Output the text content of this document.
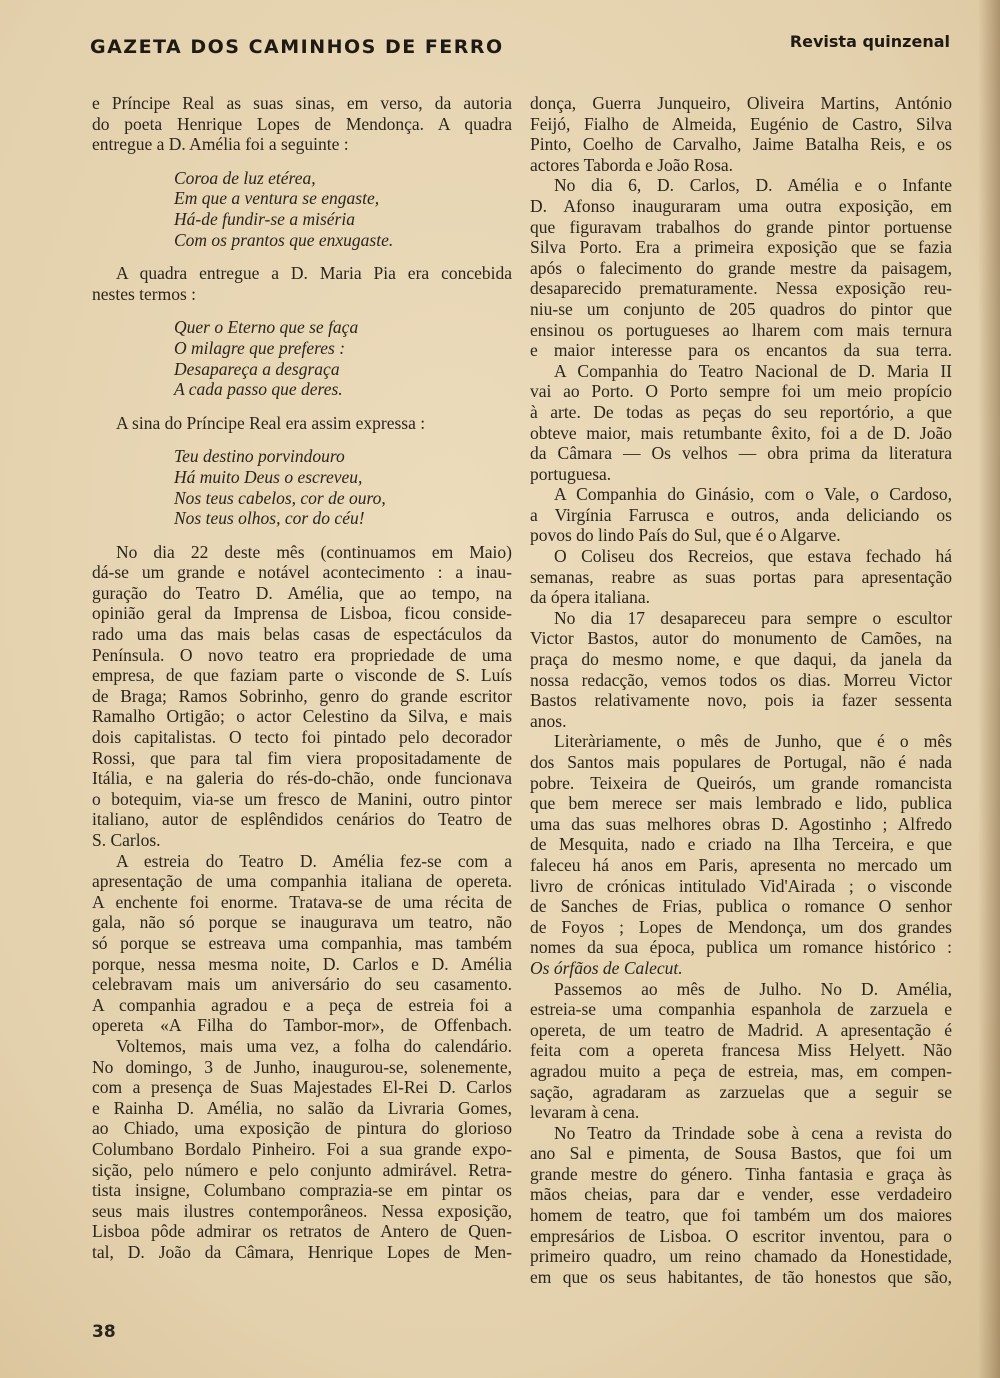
GAZETA DOS CAMINHOS DE FERRO	Revista quinzenal
e Príncipe Real as suas sinas, em verso, da autoria
do poeta Henrique Lopes de Mendonça. A quadra
entregue a D. Amélia foi a seguinte :
Coroa de luz etérea,
Em que a ventura se engaste,
Há-de fundir-se a miséria
Com os prantos que enxugaste.
A quadra entregue a D. Maria Pia era concebida
nestes termos :
Quer o Eterno que se faça
O milagre que preferes :
Desapareça a desgraça
A cada passo que deres.
A sina do Príncipe Real era assim expressa :
Teu destino porvindouro
Há muito Deus o escreveu,
Nos teus cabelos, cor de ouro,
Nos teus olhos, cor do céu!
No dia 22 deste mês (continuamos em Maio)
dá-se um grande e notável acontecimento : a inau-
guração do Teatro D. Amélia, que ao tempo, na
opinião geral da Imprensa de Lisboa, ficou conside-
rado uma das mais belas casas de espectáculos da
Península. O novo teatro era propriedade de uma
empresa, de que faziam parte o visconde de S. Luís
de Braga; Ramos Sobrinho, genro do grande escritor
Ramalho Ortigão; o actor Celestino da Silva, e mais
dois capitalistas. O tecto foi pintado pelo decorador
Rossi, que para tal fim viera propositadamente de
Itália, e na galeria do rés-do-chão, onde funcionava
o botequim, via-se um fresco de Manini, outro pintor
italiano, autor de esplêndidos cenários do Teatro de
S. Carlos.
A estreia do Teatro D. Amélia fez-se com a
apresentação de uma companhia italiana de opereta.
A enchente foi enorme. Tratava-se de uma récita de
gala, não só porque se inaugurava um teatro, não
só porque se estreava uma companhia, mas também
porque, nessa mesma noite, D. Carlos e D. Amélia
celebravam mais um aniversário do seu casamento.
A companhia agradou e a peça de estreia foi a
opereta «A Filha do Tambor-mor», de Offenbach.
Voltemos, mais uma vez, a folha do calendário.
No domingo, 3 de Junho, inaugurou-se, solenemente,
com a presença de Suas Majestades El-Rei D. Carlos
e Rainha D. Amélia, no salão da Livraria Gomes,
ao Chiado, uma exposição de pintura do glorioso
Columbano Bordalo Pinheiro. Foi a sua grande expo-
sição, pelo número e pelo conjunto admirável. Retra-
tista insigne, Columbano comprazia-se em pintar os
seus mais ilustres contemporâneos. Nessa exposição,
Lisboa pôde admirar os retratos de Antero de Quen-
tal, D. João da Câmara, Henrique Lopes de Men-
donça, Guerra Junqueiro, Oliveira Martins, António
Feijó, Fialho de Almeida, Eugénio de Castro, Silva
Pinto, Coelho de Carvalho, Jaime Batalha Reis, e os
actores Taborda e João Rosa.
No dia 6, D. Carlos, D. Amélia e o Infante
D. Afonso inauguraram uma outra exposição, em
que figuravam trabalhos do grande pintor portuense
Silva Porto. Era a primeira exposição que se fazia
após o falecimento do grande mestre da paisagem,
desaparecido prematuramente. Nessa exposição reu-
niu-se um conjunto de 205 quadros do pintor que
ensinou os portugueses ao lharem com mais ternura
e maior interesse para os encantos da sua terra.
A Companhia do Teatro Nacional de D. Maria II
vai ao Porto. O Porto sempre foi um meio propício
à arte. De todas as peças do seu reportório, a que
obteve maior, mais retumbante êxito, foi a de D. João
da Câmara — Os velhos — obra prima da literatura
portuguesa.
A Companhia do Ginásio, com o Vale, o Cardoso,
a Virgínia Farrusca e outros, anda deliciando os
povos do lindo País do Sul, que é o Algarve.
O Coliseu dos Recreios, que estava fechado há
semanas, reabre as suas portas para apresentação
da ópera italiana.
No dia 17 desapareceu para sempre o escultor
Victor Bastos, autor do monumento de Camões, na
praça do mesmo nome, e que daqui, da janela da
nossa redacção, vemos todos os dias. Morreu Victor
Bastos relativamente novo, pois ia fazer sessenta
anos.
Literàriamente, o mês de Junho, que é o mês
dos Santos mais populares de Portugal, não é nada
pobre. Teixeira de Queirós, um grande romancista
que bem merece ser mais lembrado e lido, publica
uma das suas melhores obras D. Agostinho ; Alfredo
de Mesquita, nado e criado na Ilha Terceira, e que
faleceu há anos em Paris, apresenta no mercado um
livro de crónicas intitulado Vid'Airada ; o visconde
de Sanches de Frias, publica o romance O senhor
de Foyos ; Lopes de Mendonça, um dos grandes
nomes da sua época, publica um romance histórico :
Os órfãos de Calecut.
Passemos ao mês de Julho. No D. Amélia,
estreia-se uma companhia espanhola de zarzuela e
opereta, de um teatro de Madrid. A apresentação é
feita com a opereta francesa Miss Helyett. Não
agradou muito a peça de estreia, mas, em compen-
sação, agradaram as zarzuelas que a seguir se
levaram à cena.
No Teatro da Trindade sobe à cena a revista do
ano Sal e pimenta, de Sousa Bastos, que foi um
grande mestre do género. Tinha fantasia e graça às
mãos cheias, para dar e vender, esse verdadeiro
homem de teatro, que foi também um dos maiores
empresários de Lisboa. O escritor inventou, para o
primeiro quadro, um reino chamado da Honestidade,
em que os seus habitantes, de tão honestos que são,
38
